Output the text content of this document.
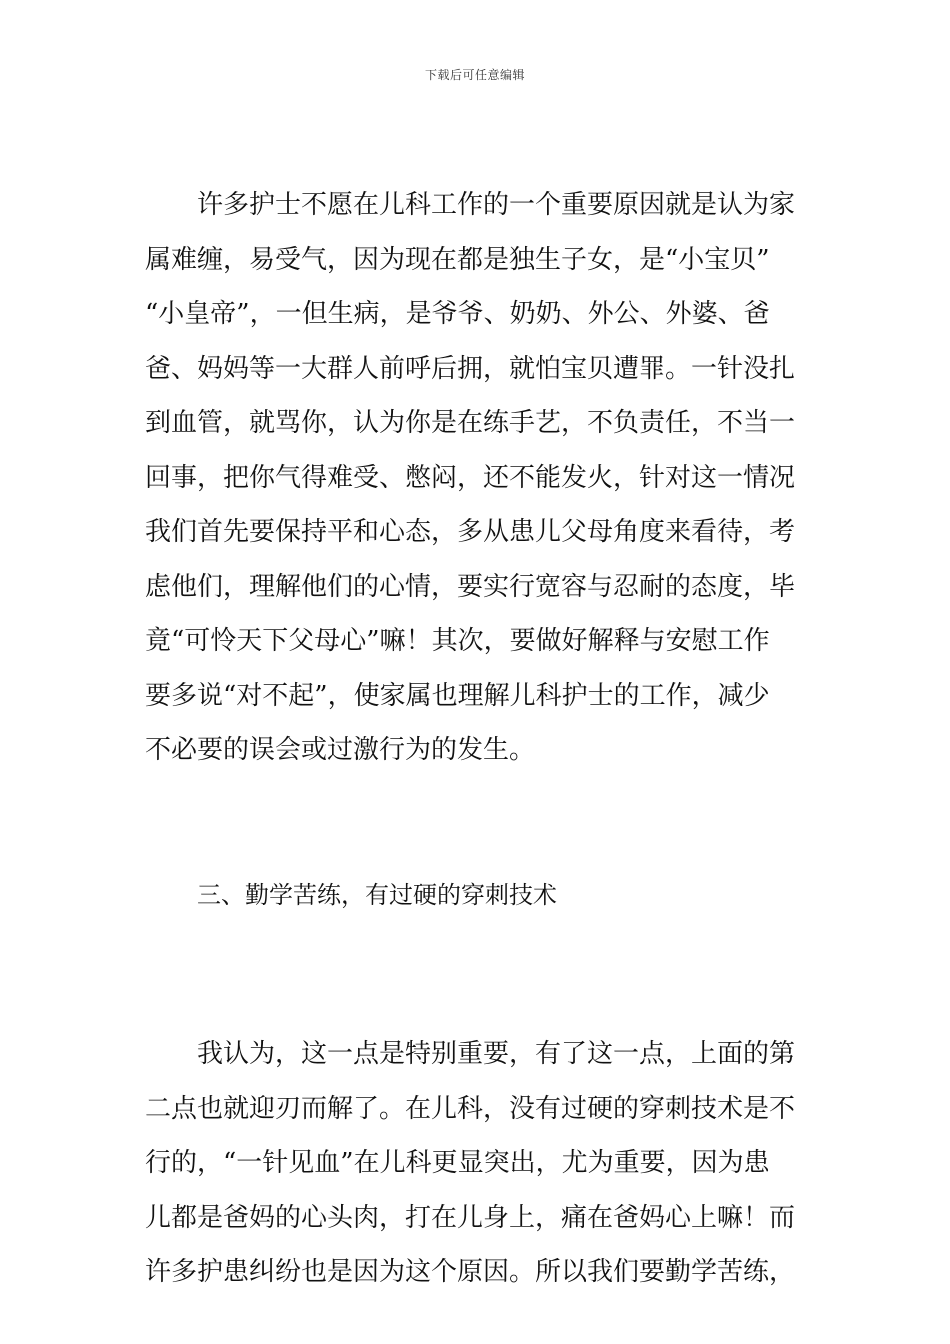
下载后可任意编辑
许多护士不愿在儿科工作的一个重要原因就是认为家
属难缠，易受气，因为现在都是独生子女，是“小宝贝”
“小皇帝”，一但生病，是爷爷、奶奶、外公、外婆、爸
爸、妈妈等一大群人前呼后拥，就怕宝贝遭罪。一针没扎
到血管，就骂你，认为你是在练手艺，不负责任，不当一
回事，把你气得难受、憋闷，还不能发火，针对这一情况
我们首先要保持平和心态，多从患儿父母角度来看待，考
虑他们，理解他们的心情，要实行宽容与忍耐的态度，毕
竟“可怜天下父母心”嘛！其次，要做好解释与安慰工作
要多说“对不起”，使家属也理解儿科护士的工作，减少
不必要的误会或过激行为的发生。
三、勤学苦练，有过硬的穿刺技术
我认为，这一点是特别重要，有了这一点，上面的第
二点也就迎刃而解了。在儿科，没有过硬的穿刺技术是不
行的，“一针见血”在儿科更显突出，尤为重要，因为患
儿都是爸妈的心头肉，打在儿身上，痛在爸妈心上嘛！而
许多护患纠纷也是因为这个原因。所以我们要勤学苦练，
